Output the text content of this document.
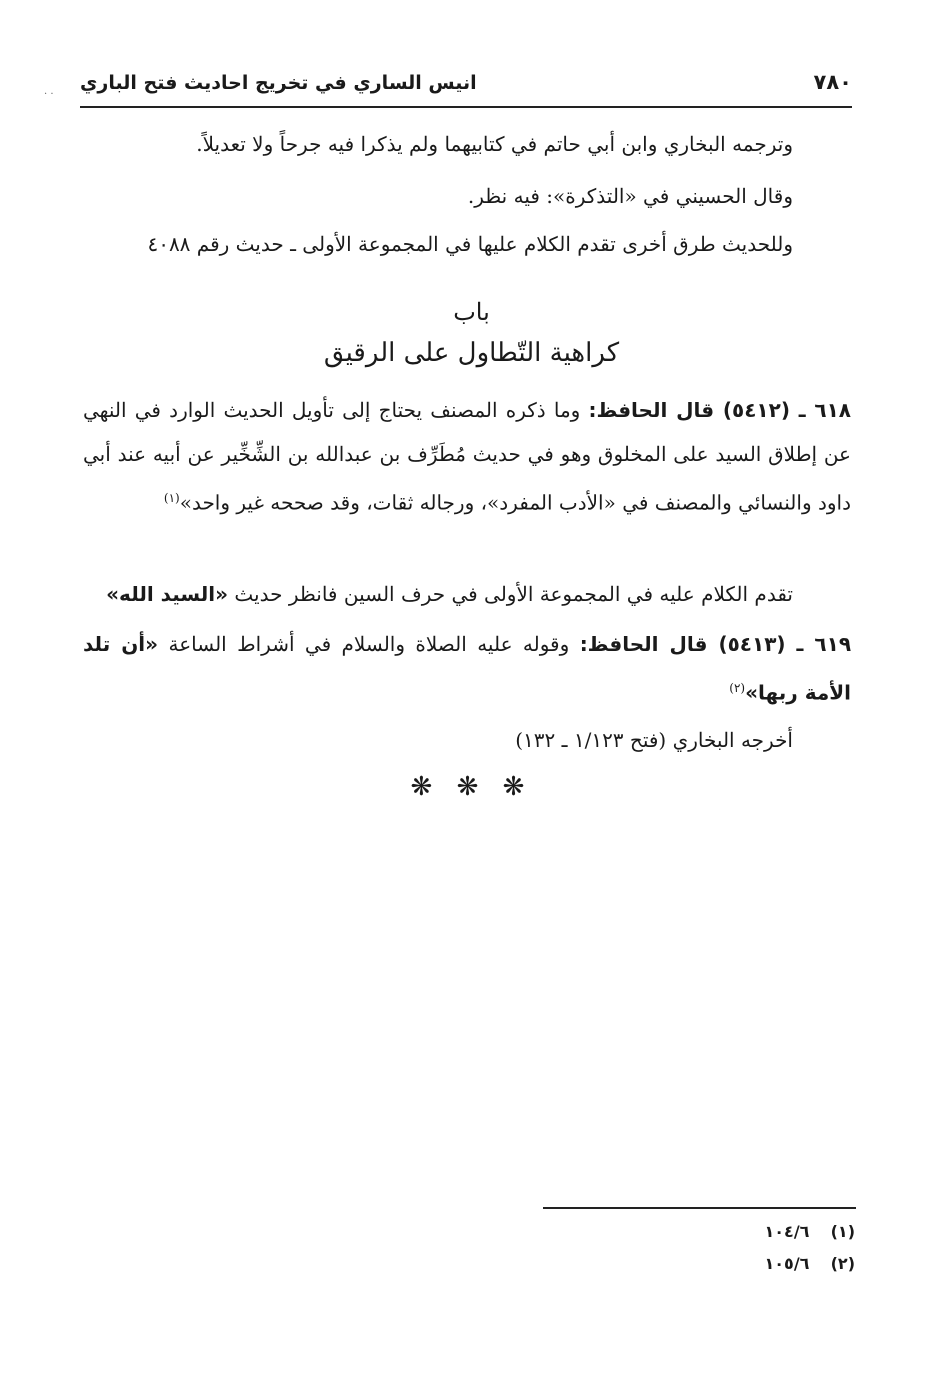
٧٨٠
انيس الساري في تخريج احاديث فتح الباري
. .
وترجمه البخاري وابن أبي حاتم في كتابيهما ولم يذكرا فيه جرحاً ولا تعديلاً.
وقال الحسيني في «التذكرة»: فيه نظر.
وللحديث طرق أخرى تقدم الكلام عليها في المجموعة الأولى ـ حديث رقم ٤٠٨٨
باب
كراهية التّطاول على الرقيق
٦١٨ ـ (٥٤١٢) قال الحافظ: وما ذكره المصنف يحتاج إلى تأويل الحديث الوارد في النهي عن إطلاق السيد على المخلوق وهو في حديث مُطَرِّف بن عبدالله بن الشِّخِّير عن أبيه عند أبي داود والنسائي والمصنف في «الأدب المفرد»، ورجاله ثقات، وقد صححه غير واحد»$^{(١)}$
تقدم الكلام عليه في المجموعة الأولى في حرف السين فانظر حديث «السيد الله»
٦١٩ ـ (٥٤١٣) قال الحافظ: وقوله عليه الصلاة والسلام في أشراط الساعة «أن تلد الأمة ربها»$^{(٢)}$
أخرجه البخاري (فتح ١/١٢٣ ـ ١٣٢)
❋ ❋ ❋
(١) ١٠٤/٦
(٢) ١٠٥/٦
